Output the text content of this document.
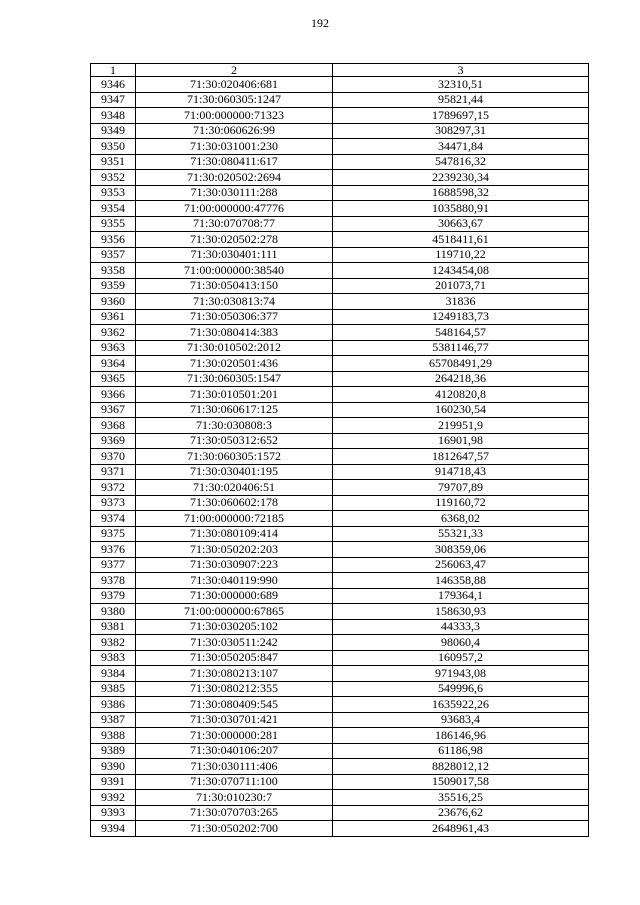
192
1	2	3
9346	71:30:020406:681	32310,51
9347	71:30:060305:1247	95821,44
9348	71:00:000000:71323	1789697,15
9349	71:30:060626:99	308297,31
9350	71:30:031001:230	34471,84
9351	71:30:080411:617	547816,32
9352	71:30:020502:2694	2239230,34
9353	71:30:030111:288	1688598,32
9354	71:00:000000:47776	1035880,91
9355	71:30:070708:77	30663,67
9356	71:30:020502:278	4518411,61
9357	71:30:030401:111	119710,22
9358	71:00:000000:38540	1243454,08
9359	71:30:050413:150	201073,71
9360	71:30:030813:74	31836
9361	71:30:050306:377	1249183,73
9362	71:30:080414:383	548164,57
9363	71:30:010502:2012	5381146,77
9364	71:30:020501:436	65708491,29
9365	71:30:060305:1547	264218,36
9366	71:30:010501:201	4120820,8
9367	71:30:060617:125	160230,54
9368	71:30:030808:3	219951,9
9369	71:30:050312:652	16901,98
9370	71:30:060305:1572	1812647,57
9371	71:30:030401:195	914718,43
9372	71:30:020406:51	79707,89
9373	71:30:060602:178	119160,72
9374	71:00:000000:72185	6368,02
9375	71:30:080109:414	55321,33
9376	71:30:050202:203	308359,06
9377	71:30:030907:223	256063,47
9378	71:30:040119:990	146358,88
9379	71:30:000000:689	179364,1
9380	71:00:000000:67865	158630,93
9381	71:30:030205:102	44333,3
9382	71:30:030511:242	98060,4
9383	71:30:050205:847	160957,2
9384	71:30:080213:107	971943,08
9385	71:30:080212:355	549996,6
9386	71:30:080409:545	1635922,26
9387	71:30:030701:421	93683,4
9388	71:30:000000:281	186146,96
9389	71:30:040106:207	61186,98
9390	71:30:030111:406	8828012,12
9391	71:30:070711:100	1509017,58
9392	71:30:010230:7	35516,25
9393	71:30:070703:265	23676,62
9394	71:30:050202:700	2648961,43
